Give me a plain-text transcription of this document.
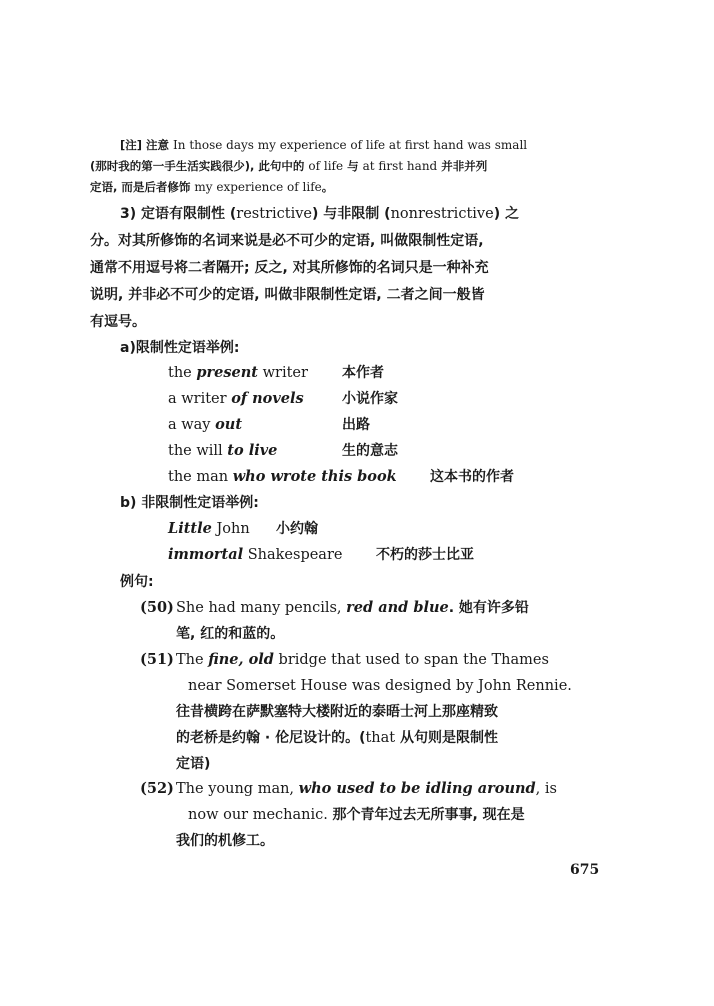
[注] 注意 In those days my experience of life at first hand was small
(那时我的第一手生活实践很少), 此句中的 of life 与 at first hand 并非并列
定语, 而是后者修饰 my experience of life。
3) 定语有限制性 (restrictive) 与非限制 (nonrestrictive) 之
分。对其所修饰的名词来说是必不可少的定语, 叫做限制性定语,
通常不用逗号将二者隔开; 反之, 对其所修饰的名词只是一种补充
说明, 并非必不可少的定语, 叫做非限制性定语, 二者之间一般皆
有逗号。
a)限制性定语举例:
the present writer 本作者
a writer of novels	小说作家
a way out	出路
the will to live	生的意志
the man who wrote this book 这本书的作者
b) 非限制性定语举例:
Little John 小约翰
immortal Shakespeare 不朽的莎士比亚
例句:
(50) She had many pencils, red and blue. 她有许多铅
笔, 红的和蓝的。
(51) The fine, old bridge that used to span the Thames
near Somerset House was designed by John Rennie.
往昔横跨在萨默塞特大楼附近的泰晤士河上那座精致
的老桥是约翰 · 伦尼设计的。(that 从句则是限制性
定语)
(52) The young man, who used to be idling around, is
now our mechanic. 那个青年过去无所事事, 现在是
我们的机修工。
675
